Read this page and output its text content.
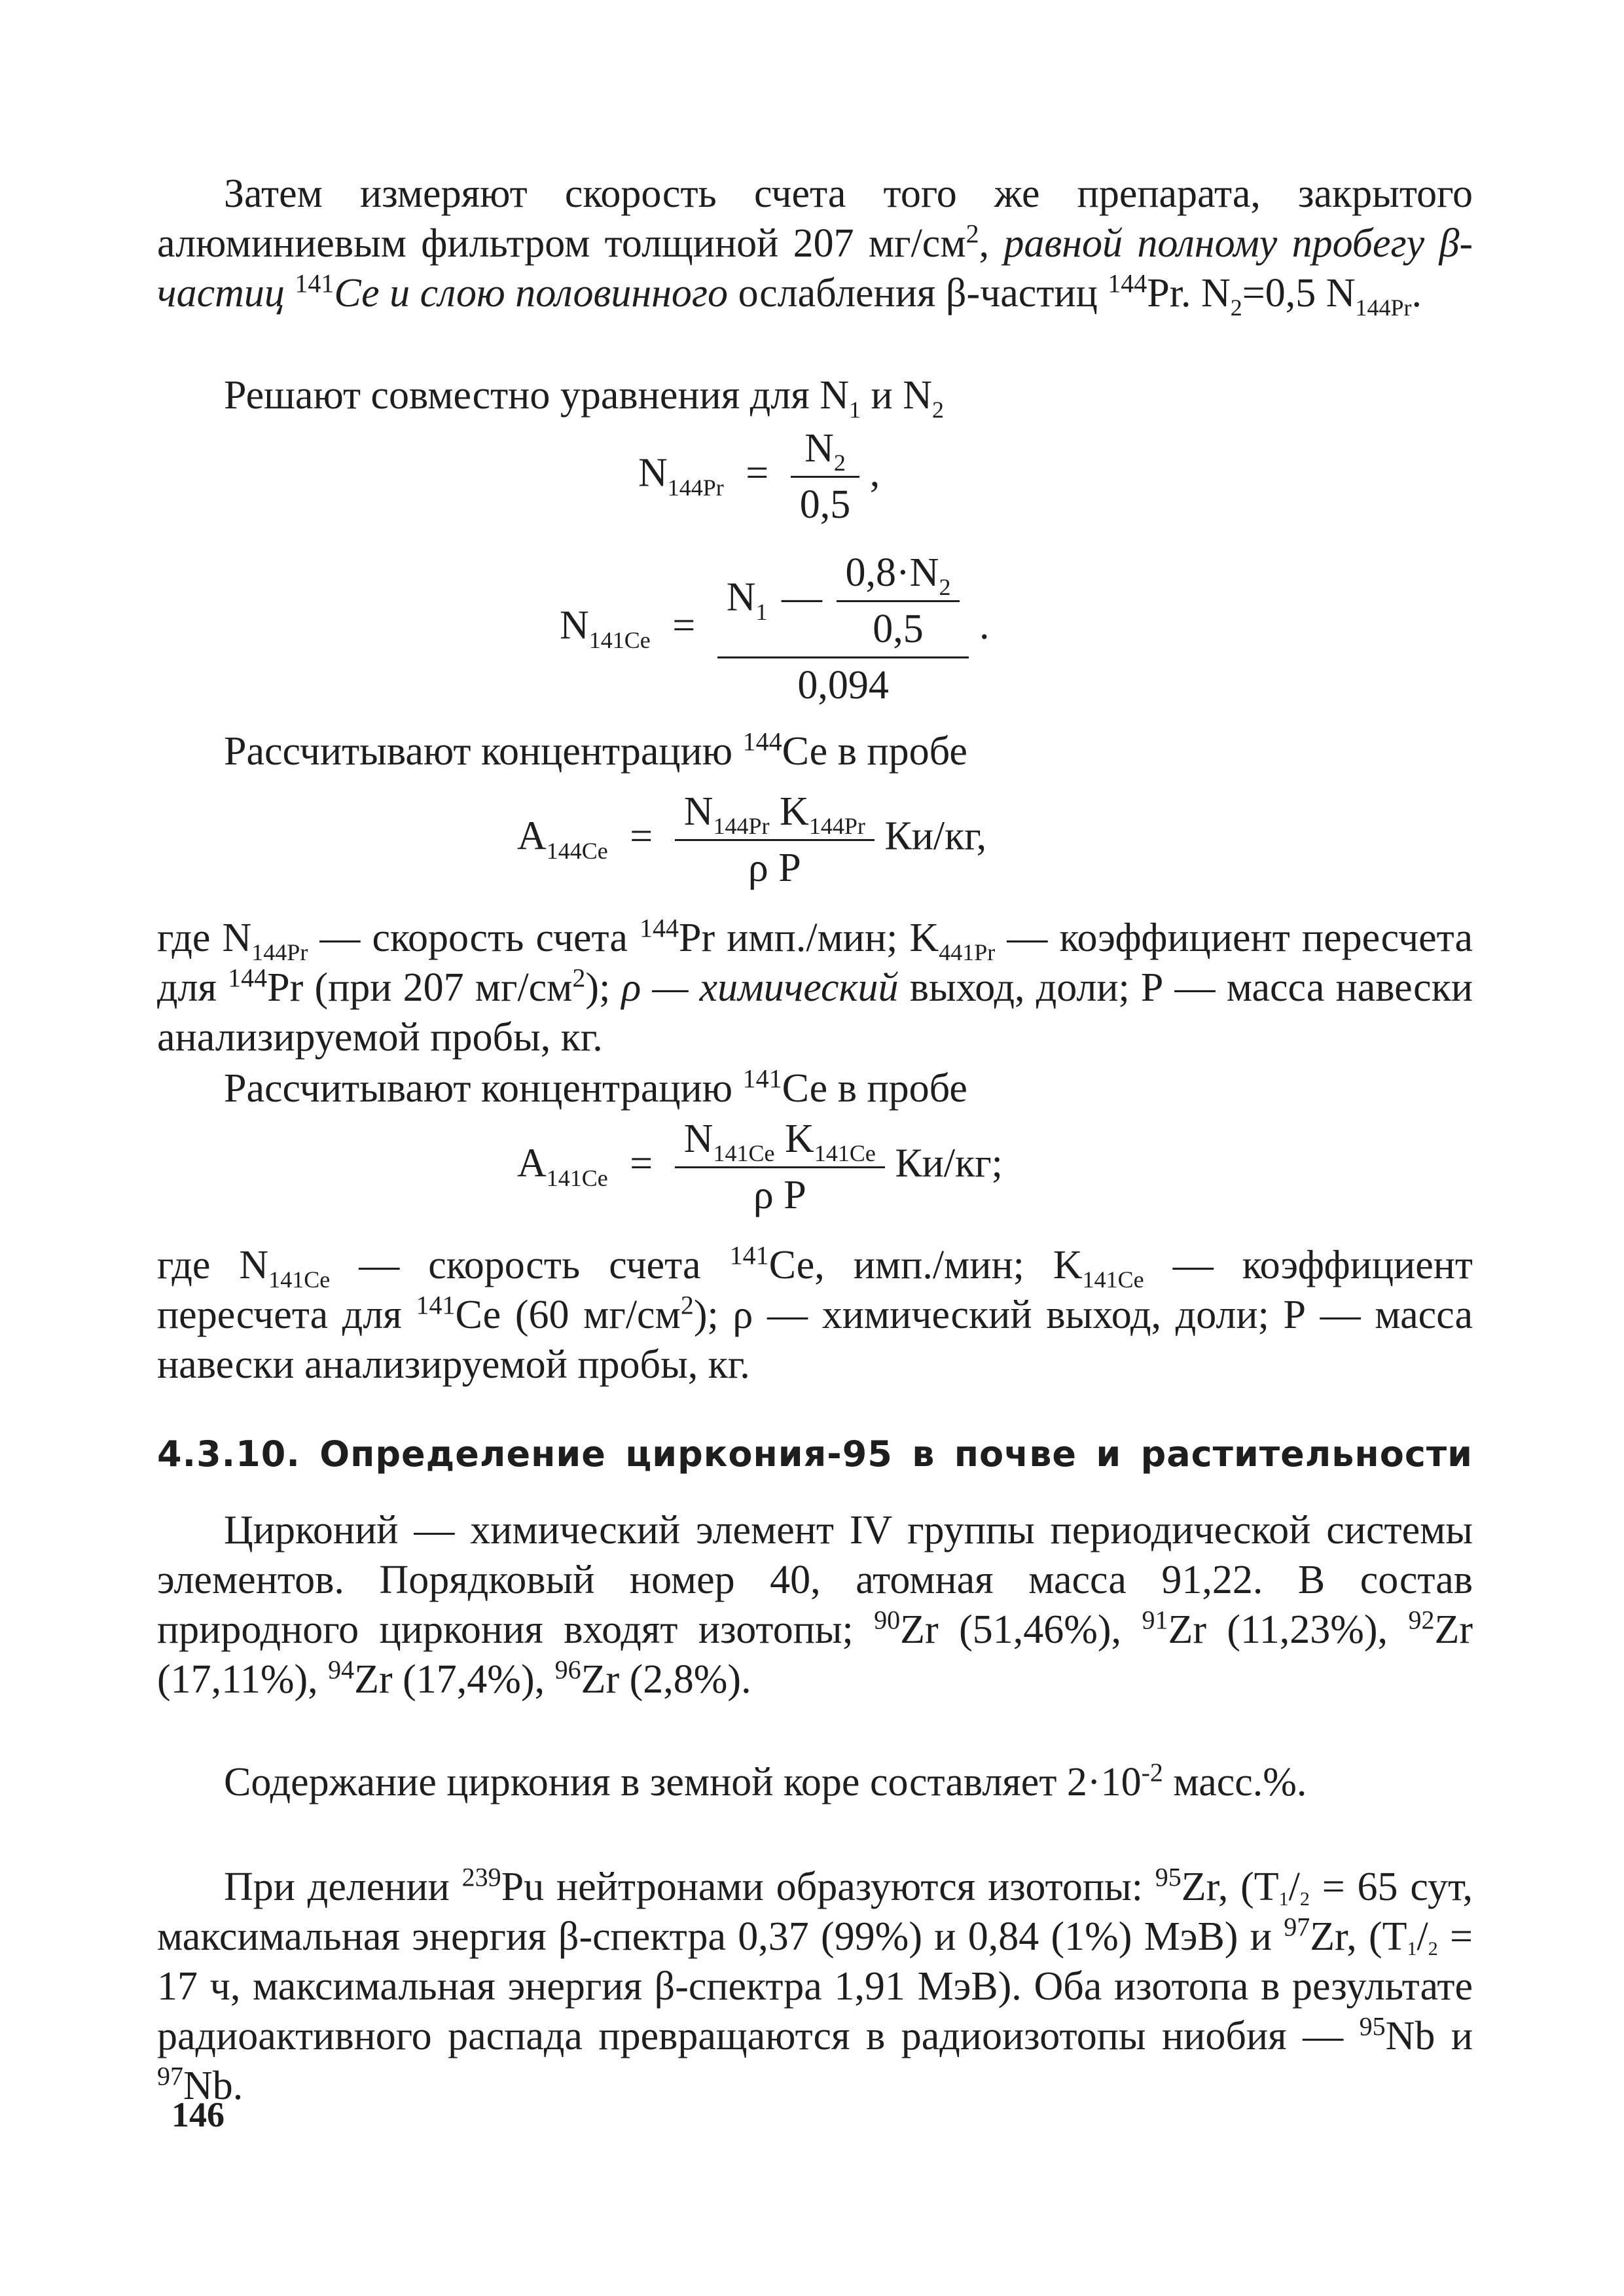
Затем измеряют скорость счета того же препарата, закрытого алюминиевым фильтром толщиной 207 $мг/см^2$, равной полному пробегу β-частиц $^{141}$Се и слою половинного ослабления β-частиц $^{144}$Рr. $N_2=0,5$ $N_{144Pr}$.

Решают совместно уравнения для $N_1$ и $N_2$

$N_{144Pr} = \frac{N_2}{0,5}$ ,
$N_{141Ce} = \frac{N_1 — \frac{0,8\cdot N_2}{0,5}}{0,094}$ .

Рассчитывают концентрацию $^{144}$Се в пробе

$A_{144Ce} = \frac{N_{144Pr} K_{144Pr}}{\text{ρ P}} Ки/кг$,

где $N_{144Pr}$ — скорость счета $^{144}$Рr имп./мин; $K_{441Pr}$ — коэффициент пересчета для $^{144}$Рr (при 207 $мг/см^2$); ρ — химический выход, доли; Р — масса навески анализируемой пробы, кг.

Рассчитывают концентрацию $^{141}$Се в пробе

$A_{141Ce} = \frac{N_{141Ce} K_{141Ce}}{\text{ρ P}} Ки/кг$;

где $N_{141Ce}$ — скорость счета $^{141}$Се, имп./мин; $K_{141Ce}$ — коэффициент пересчета для $^{141}$Се (60 $мг/см^2$); ρ — химический выход, доли; Р — масса навески анализируемой пробы, кг.

4.3.10. Определение циркония-95 в почве и растительности

Цирконий — химический элемент IV группы периодической системы элементов. Порядковый номер 40, атомная масса 91,22. В состав природного циркония входят изотопы; $^{90}$Zr (51,46%), $^{91}$Zr (11,23%), $^{92}$Zr (17,11%), $^{94}$Zr (17,4%), $^{96}$Zr (2,8%).

Содержание циркония в земной коре составляет $2\cdot 10^{-2}$ масс.%.

При делении $^{239}$Pu нейтронами образуются изотопы: $^{95}$Zr, (T1/2 = 65 сут, максимальная энергия β-спектра 0,37 (99%) и 0,84 (1%) МэВ) и $^{97}$Zr, (T1/2 = 17 ч, максимальная энергия β-спектра 1,91 МэВ). Оба изотопа в результате радиоактивного распада превращаются в радиоизотопы ниобия — $^{95}$Nb и $^{97}$Nb.

146
